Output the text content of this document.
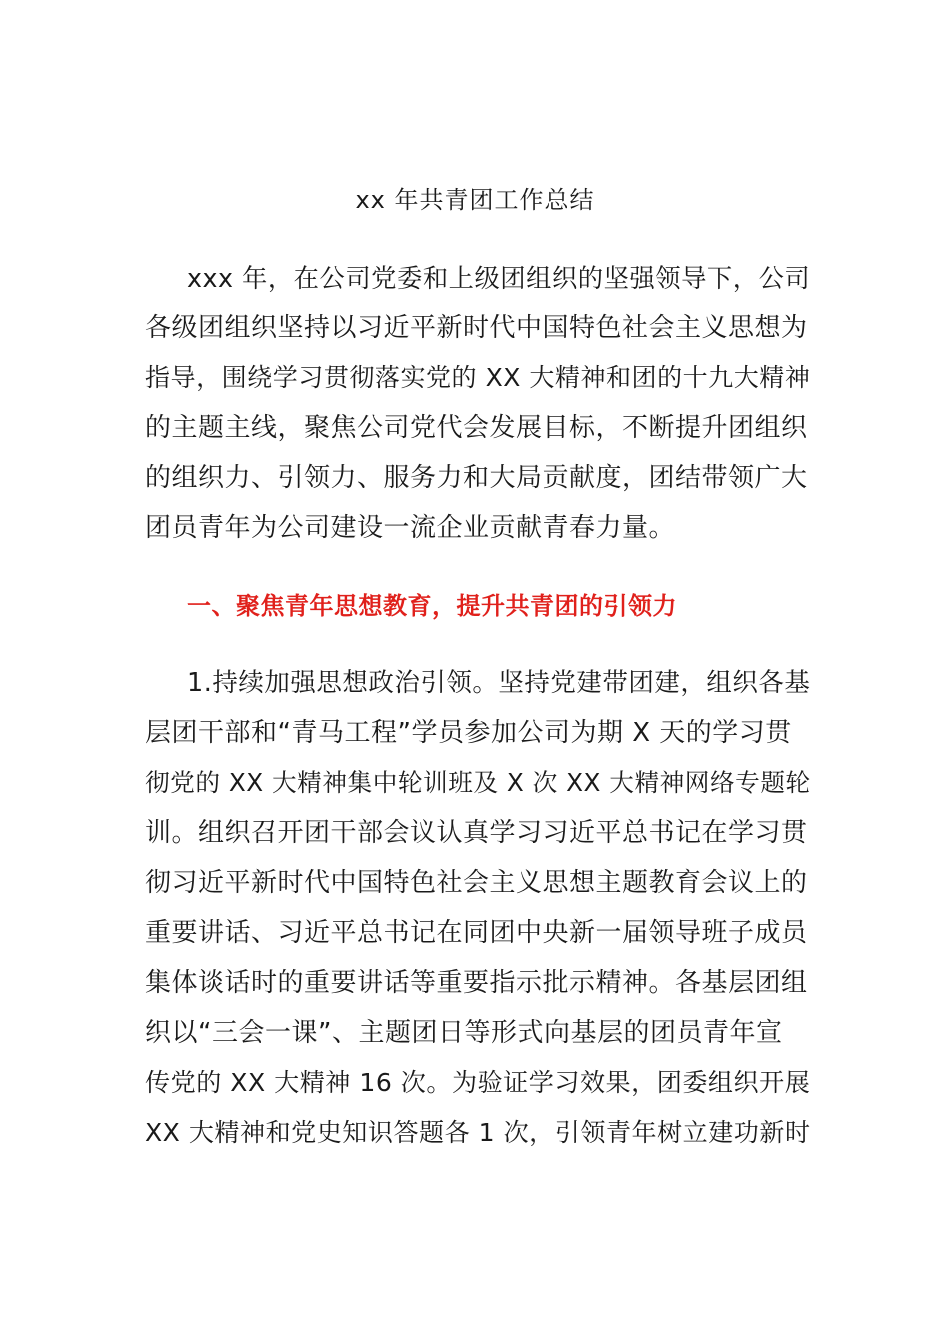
xx 年共青团工作总结
xxx 年，在公司党委和上级团组织的坚强领导下，公司
各级团组织坚持以习近平新时代中国特色社会主义思想为
指导，围绕学习贯彻落实党的 XX 大精神和团的十九大精神
的主题主线，聚焦公司党代会发展目标，不断提升团组织
的组织力、引领力、服务力和大局贡献度，团结带领广大
团员青年为公司建设一流企业贡献青春力量。
一、聚焦青年思想教育，提升共青团的引领力
1.持续加强思想政治引领。坚持党建带团建，组织各基
层团干部和“青马工程”学员参加公司为期 X 天的学习贯
彻党的 XX 大精神集中轮训班及 X 次 XX 大精神网络专题轮
训。组织召开团干部会议认真学习习近平总书记在学习贯
彻习近平新时代中国特色社会主义思想主题教育会议上的
重要讲话、习近平总书记在同团中央新一届领导班子成员
集体谈话时的重要讲话等重要指示批示精神。各基层团组
织以“三会一课”、主题团日等形式向基层的团员青年宣
传党的 XX 大精神 16 次。为验证学习效果，团委组织开展
XX 大精神和党史知识答题各 1 次，引领青年树立建功新时
